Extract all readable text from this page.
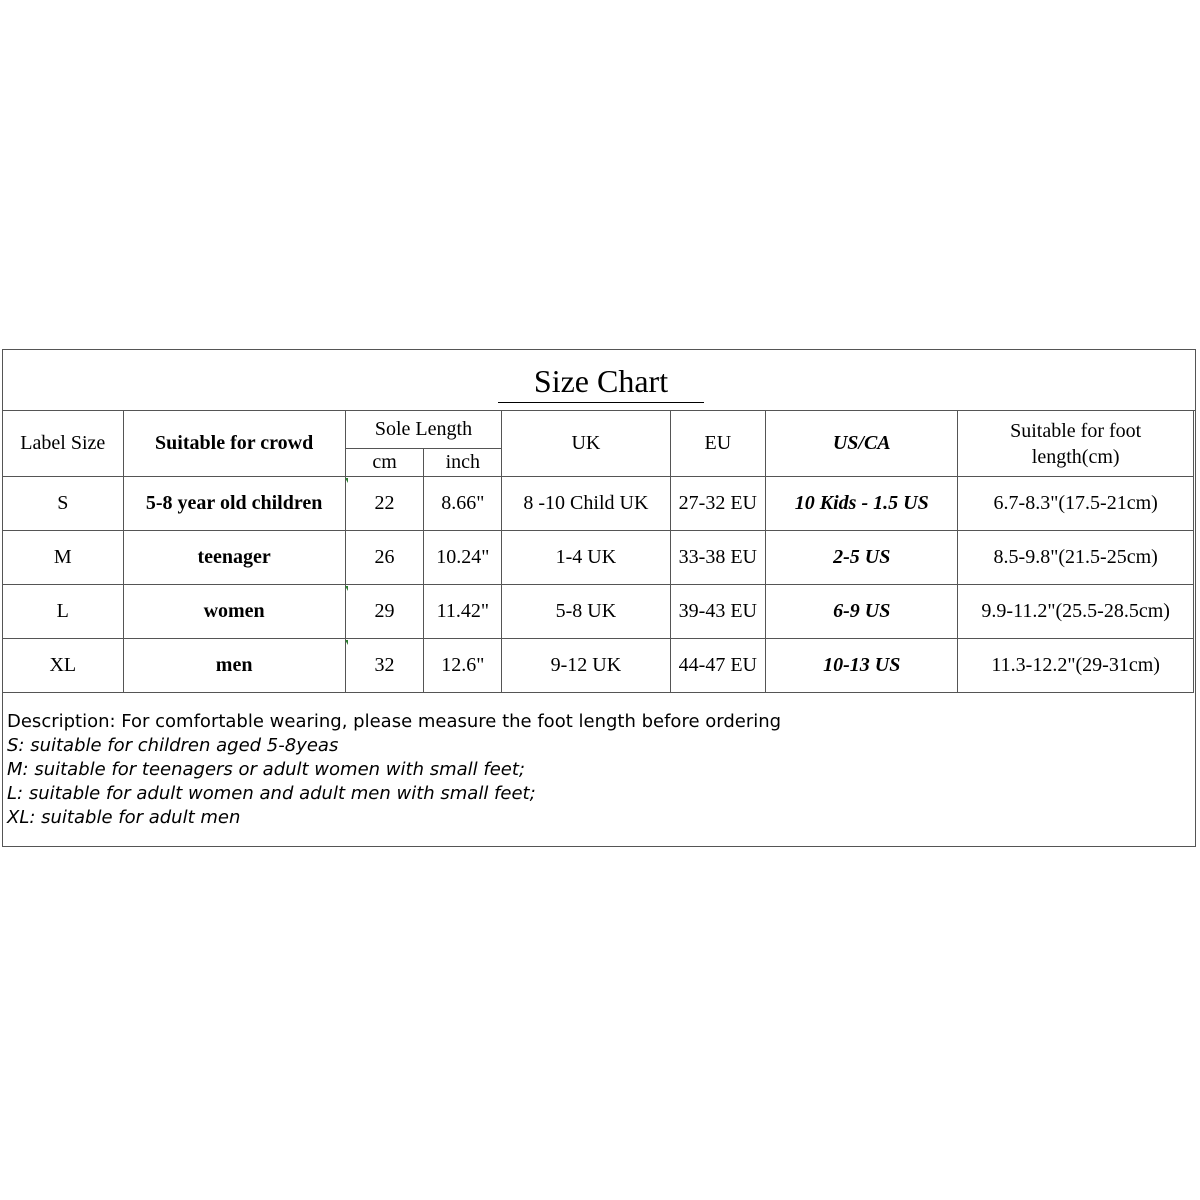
Size Chart
Label Size	Suitable for crowd	Sole Length		UK	EU	US/CA	Suitable for foot length(cm)
		cm	inch				
S	5-8 year old children	22	8.66"	8 -10 Child UK	27-32 EU	10 Kids - 1.5 US	6.7-8.3"(17.5-21cm)
M	teenager	26	10.24"	1-4 UK	33-38 EU	2-5 US	8.5-9.8"(21.5-25cm)
L	women	29	11.42"	5-8 UK	39-43 EU	6-9 US	9.9-11.2"(25.5-28.5cm)
XL	men	32	12.6"	9-12 UK	44-47 EU	10-13 US	11.3-12.2"(29-31cm)
Description: For comfortable wearing, please measure the foot length before ordering
S: suitable for children aged 5-8yeas
M: suitable for teenagers or adult women with small feet;
L: suitable for adult women and adult men with small feet;
XL: suitable for adult men
